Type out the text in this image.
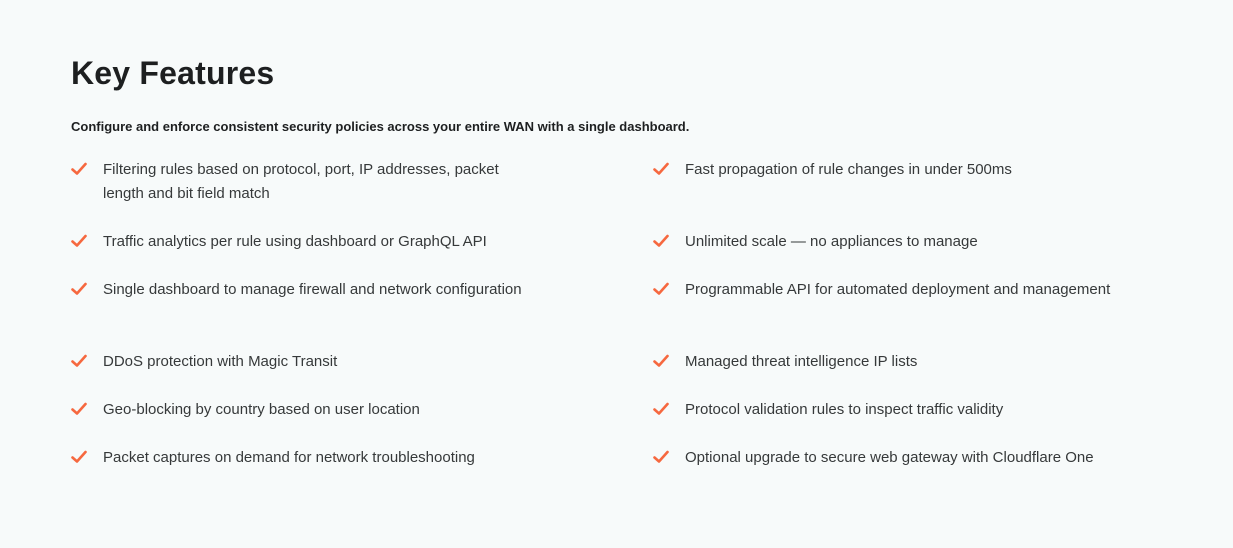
Key Features

Configure and enforce consistent security policies across your entire WAN with a single dashboard.

Filtering rules based on protocol, port, IP addresses, packet length and bit field match
Traffic analytics per rule using dashboard or GraphQL API
Single dashboard to manage firewall and network configuration
DDoS protection with Magic Transit
Geo-blocking by country based on user location
Packet captures on demand for network troubleshooting
Fast propagation of rule changes in under 500ms
Unlimited scale — no appliances to manage
Programmable API for automated deployment and management
Managed threat intelligence IP lists
Protocol validation rules to inspect traffic validity
Optional upgrade to secure web gateway with Cloudflare One
